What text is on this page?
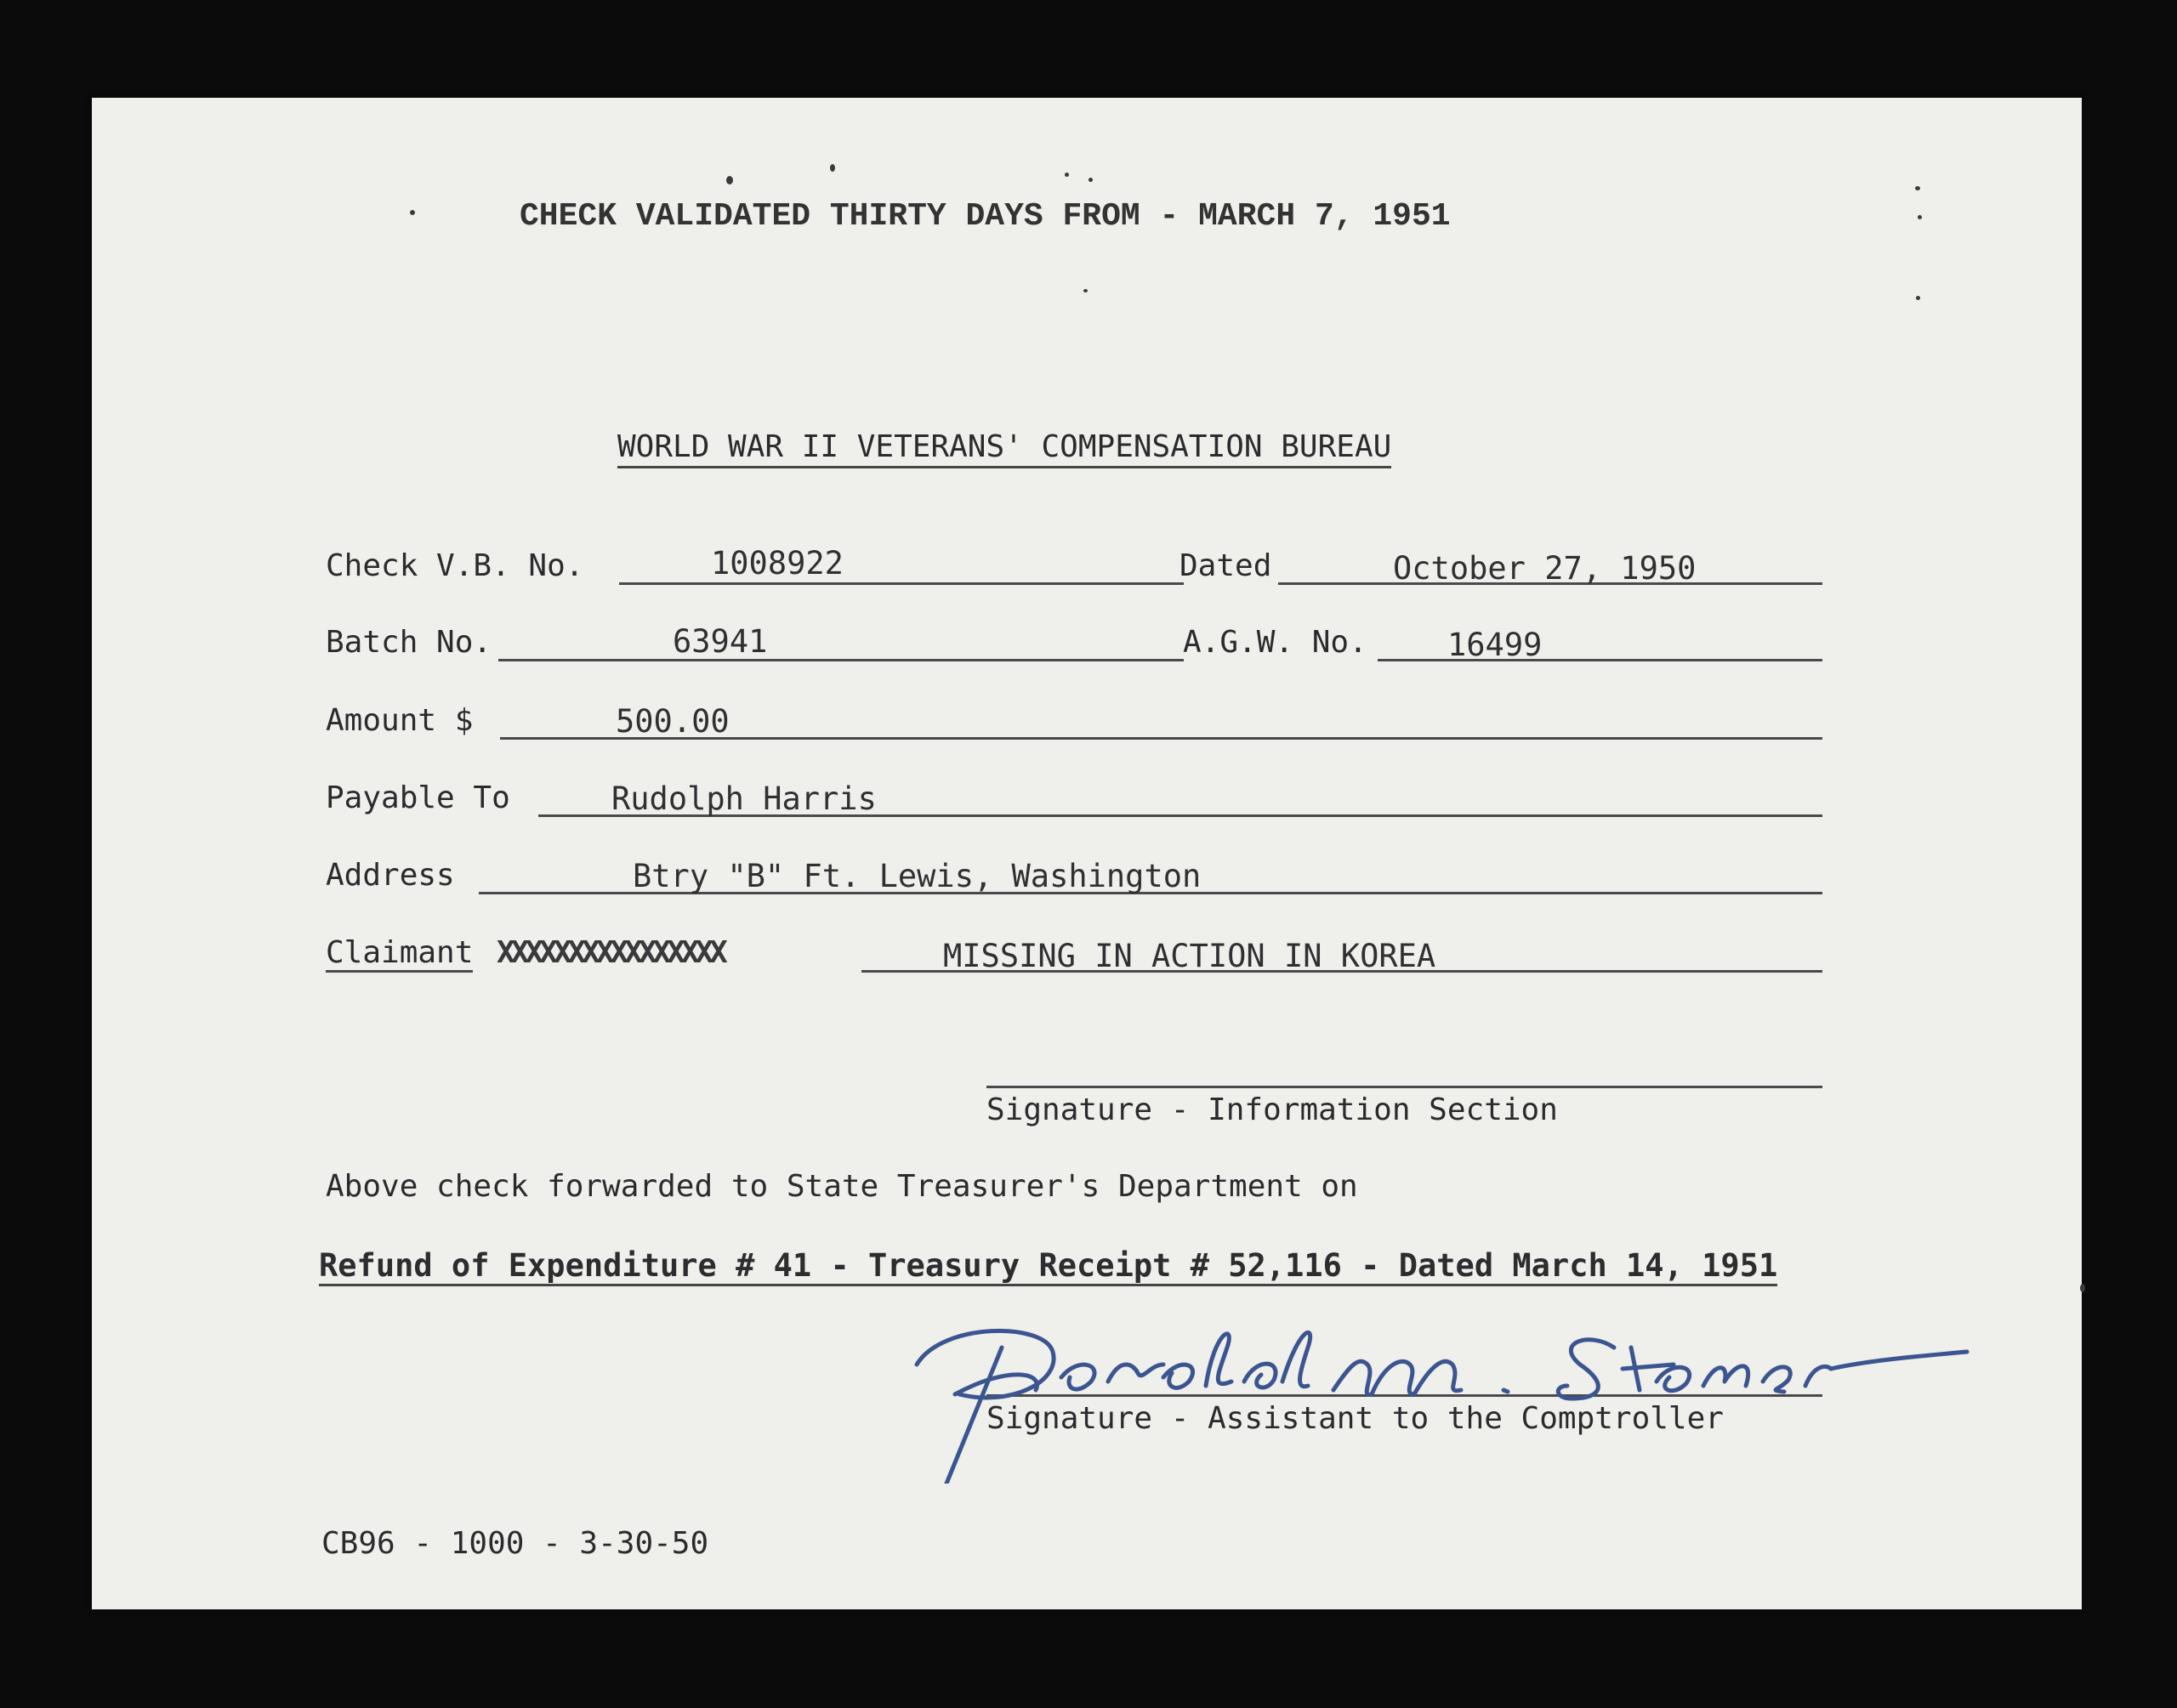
CHECK VALIDATED THIRTY DAYS FROM - MARCH 7, 1951
WORLD WAR II VETERANS' COMPENSATION BUREAU
Check V.B. No.	1008922	Dated	October 27, 1950
Batch No.	63941	A.G.W. No.	16499
Amount $	500.00
Payable To	Rudolph Harris
Address	Btry "B" Ft. Lewis, Washington
Claimant XXXXXXXXXXXXXXXX	MISSING IN ACTION IN KOREA
Signature - Information Section
Above check forwarded to State Treasurer's Department on
Refund of Expenditure # 41 - Treasury Receipt # 52,116 - Dated March 14, 1951
Signature - Assistant to the Comptroller
CB96 - 1000 - 3-30-50
